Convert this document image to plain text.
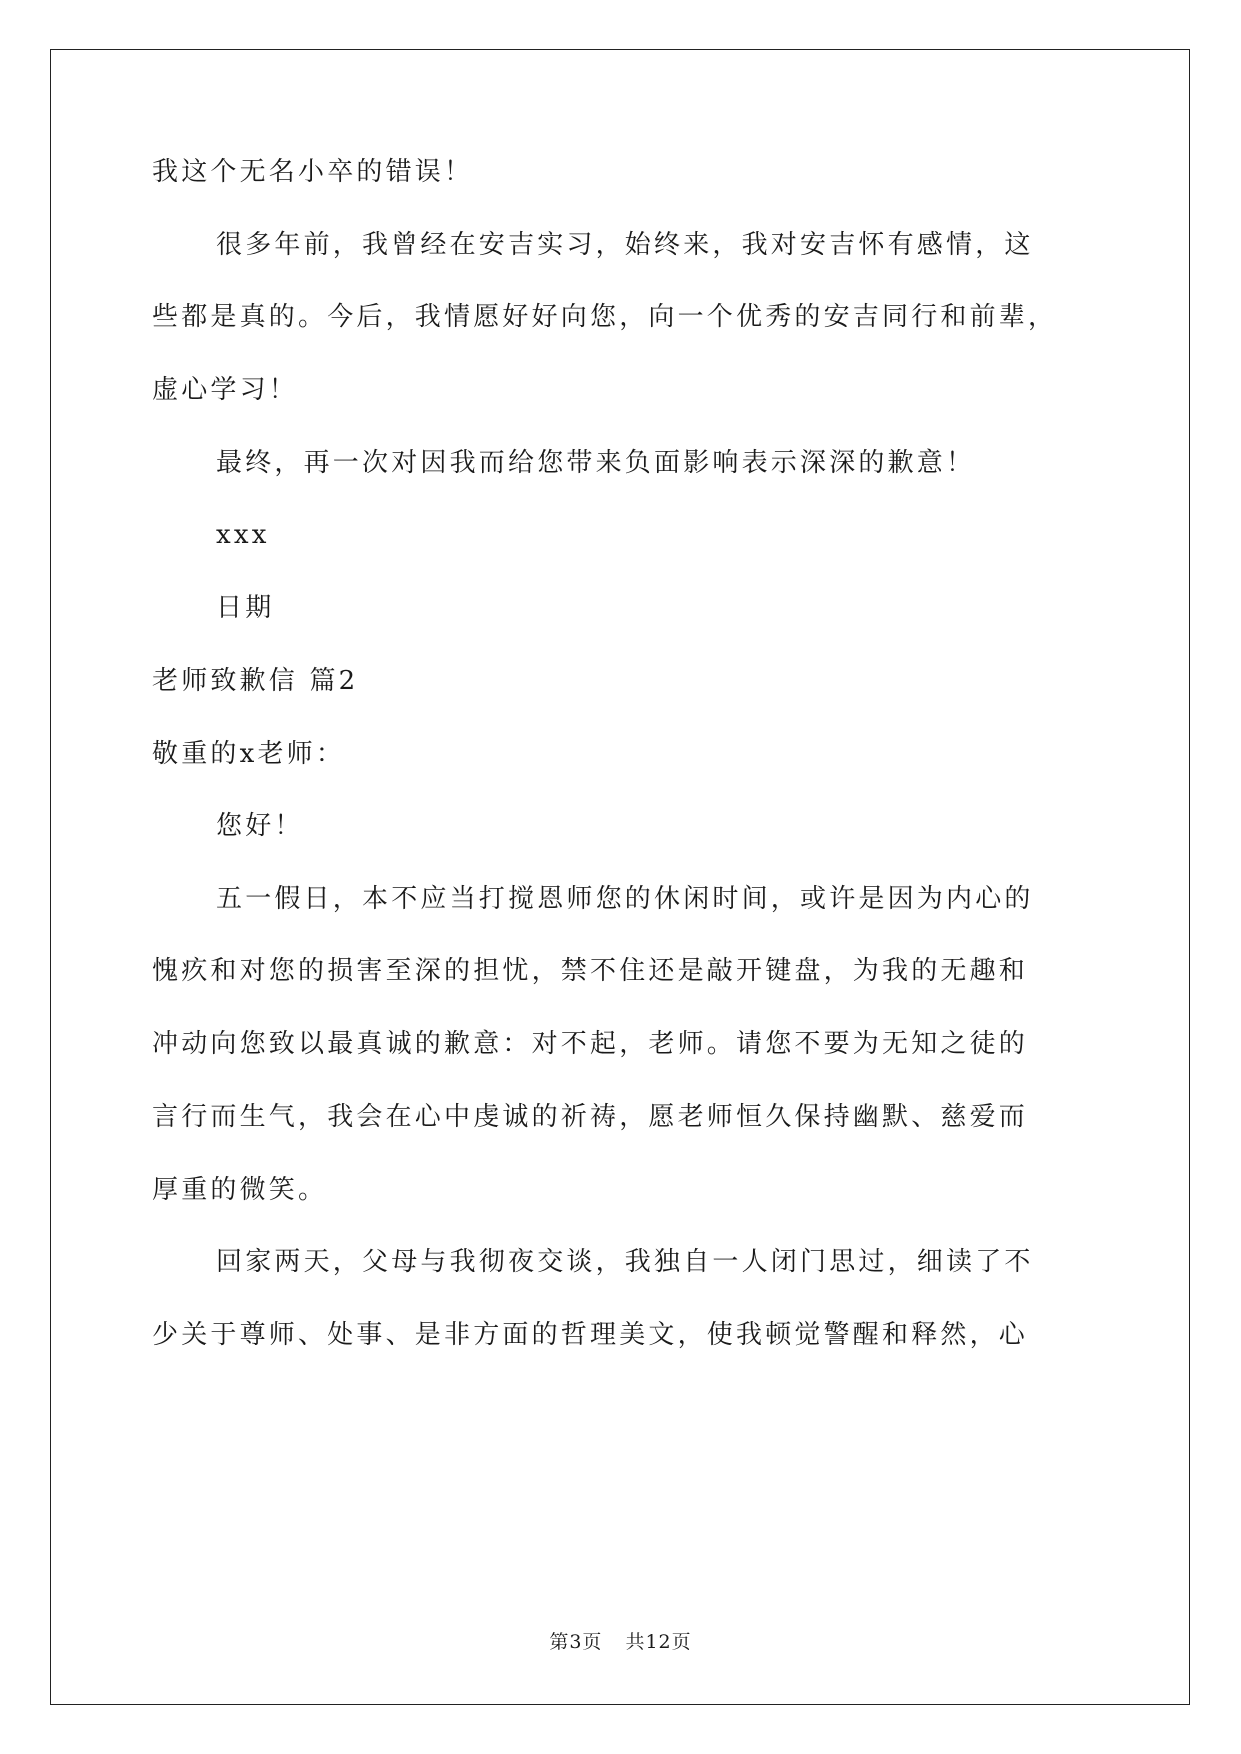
我这个无名小卒的错误！
很多年前，我曾经在安吉实习，始终来，我对安吉怀有感情，这
些都是真的。今后，我情愿好好向您，向一个优秀的安吉同行和前辈，
虚心学习！
最终，再一次对因我而给您带来负面影响表示深深的歉意！
xxx
日期
老师致歉信 篇2
敬重的x老师：
您好！
五一假日，本不应当打搅恩师您的休闲时间，或许是因为内心的
愧疚和对您的损害至深的担忧，禁不住还是敲开键盘，为我的无趣和
冲动向您致以最真诚的歉意：对不起，老师。请您不要为无知之徒的
言行而生气，我会在心中虔诚的祈祷，愿老师恒久保持幽默、慈爱而
厚重的微笑。
回家两天，父母与我彻夜交谈，我独自一人闭门思过，细读了不
少关于尊师、处事、是非方面的哲理美文，使我顿觉警醒和释然，心
第3页 共12页
